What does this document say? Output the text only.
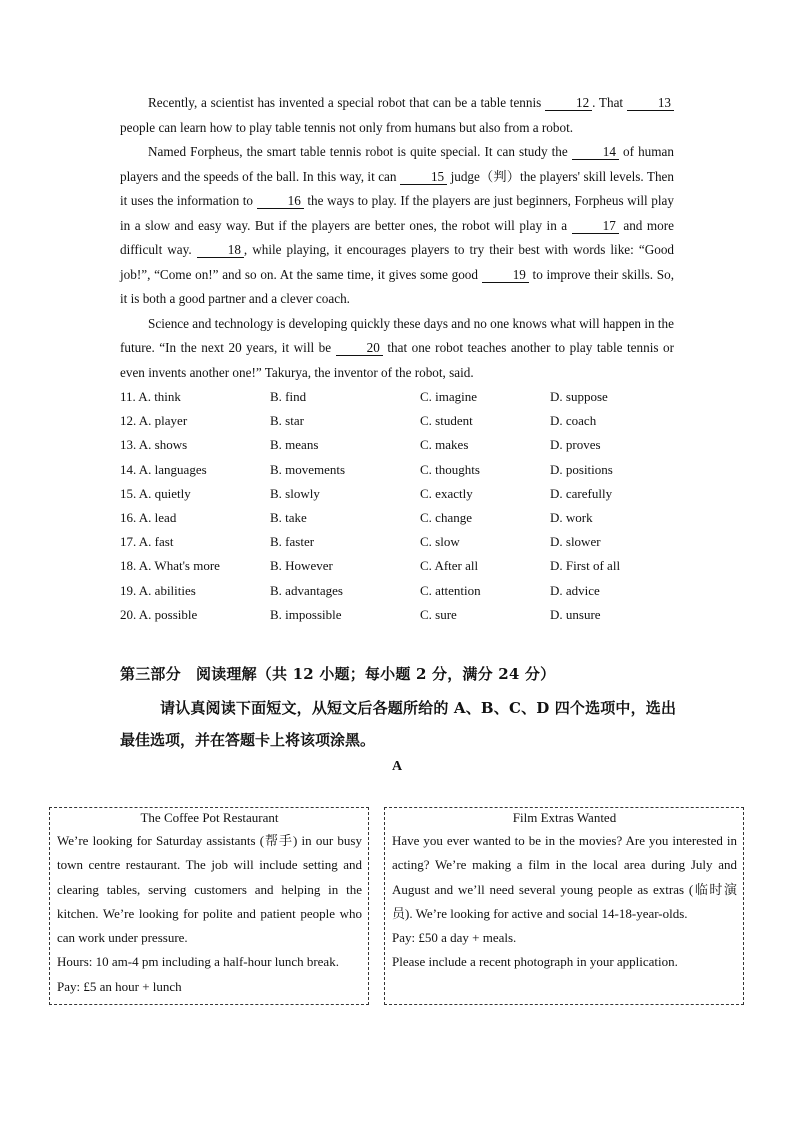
Recently, a scientist has invented a special robot that can be a table tennis 12 . That 13 people can learn how to play table tennis not only from humans but also from a robot.

Named Forpheus, the smart table tennis robot is quite special. It can study the 14 of human players and the speeds of the ball. In this way, it can 15 judge（判）the players' skill levels. Then it uses the information to 16 the ways to play. If the players are just beginners, Forpheus will play in a slow and easy way. But if the players are better ones, the robot will play in a 17 and more difficult way. 18 , while playing, it encourages players to try their best with words like: “Good job!”, “Come on!” and so on. At the same time, it gives some good 19 to improve their skills. So, it is both a good partner and a clever coach.

Science and technology is developing quickly these days and no one knows what will happen in the future. “In the next 20 years, it will be 20 that one robot teaches another to play table tennis or even invents another one!” Takurya, the inventor of the robot, said.

11. A. think	B. find	C. imagine	D. suppose
12. A. player	B. star	C. student	D. coach
13. A. shows	B. means	C. makes	D. proves
14. A. languages	B. movements	C. thoughts	D. positions
15. A. quietly	B. slowly	C. exactly	D. carefully
16. A. lead	B. take	C. change	D. work
17. A. fast	B. faster	C. slow	D. slower
18. A. What's more	B. However	C. After all	D. First of all
19. A. abilities	B. advantages	C. attention	D. advice
20. A. possible	B. impossible	C. sure	D. unsure
第三部分　阅读理解（共 12 小题；每小题 2 分，满分 24 分）
请认真阅读下面短文，从短文后各题所给的 A、B、C、D 四个选项中，选出最佳选项，并在答题卡上将该项涂黑。
A
The Coffee Pot Restaurant
We’re looking for Saturday assistants (帮手) in our busy town centre restaurant. The job will include setting and clearing tables, serving customers and helping in the kitchen. We’re looking for polite and patient people who can work under pressure.
Hours: 10 am-4 pm including a half-hour lunch break.
Pay: £5 an hour + lunch
Film Extras Wanted
Have you ever wanted to be in the movies? Are you interested in acting? We’re making a film in the local area during July and August and we’ll need several young people as extras (临时演员). We’re looking for active and social 14-18-year-olds.
Pay: £50 a day + meals.
Please include a recent photograph in your application.
